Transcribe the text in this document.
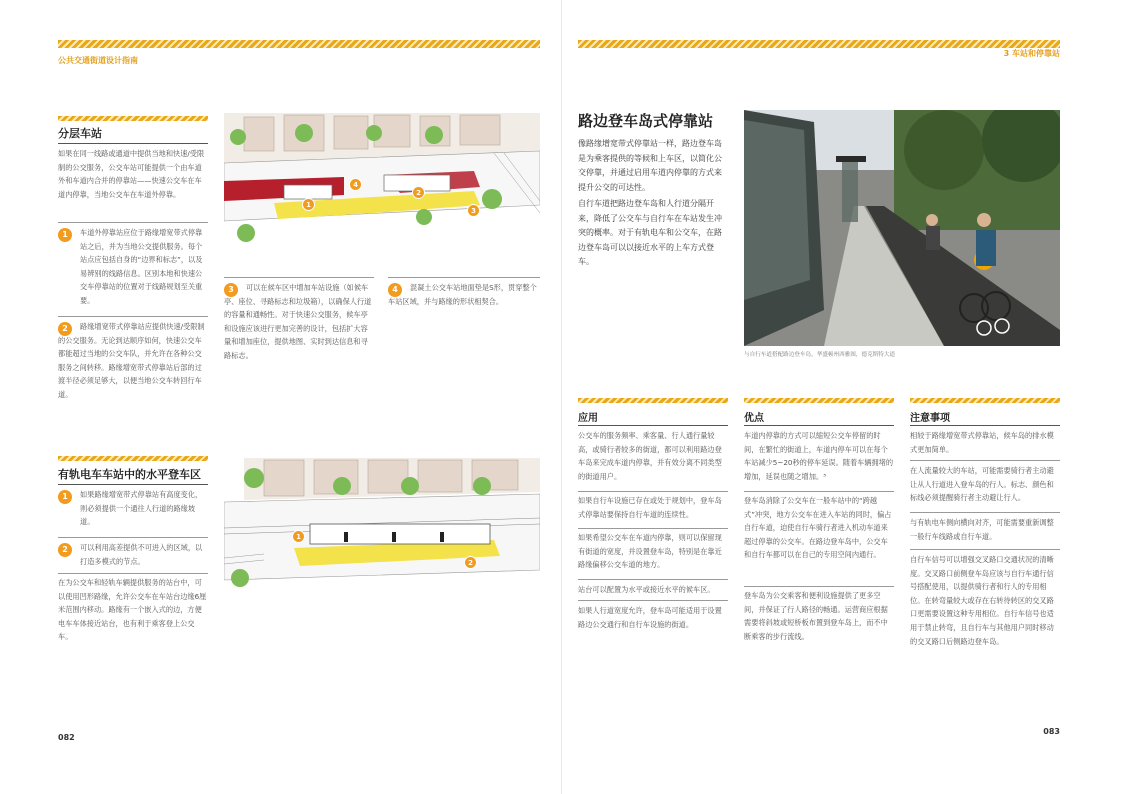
公共交通街道设计指南
分层车站
如果在同一线路或通道中提供当地和快速/受限制的公交服务，公交车站可能提供一个由车道外和车道内合并的停靠站——快速公交车在车道内停靠，当地公交车在车道外停靠。
1	车道外停靠站应位于路缘增宽带式停靠站之后，并为当地公交提供服务。每个站点应包括自身的“边界和标志”，以及易辨别的线路信息。区别本地和快速公交车停靠站的位置对于线路规划至关重要。
2	路缘增宽带式停靠站应提供快速/受限制的公交服务。无论到达顺序如何，快速公交车都能超过当地的公交车队，并允许在各种公交服务之间转移。路缘增宽带式停靠站后部的过渡半径必须足够大，以便当地公交车转回行车道。
3	可以在候车区中增加车站设施（如候车亭、座位、寻路标志和垃圾箱），以确保人行道的容量和通畅性。对于快速公交服务，候车亭和设施应该进行更加完善的设计，包括扩大容量和增加座位，提供地图、实时到达信息和寻路标志。
4	混凝土公交车站地面垫是S形，贯穿整个车站区域，并与路缘的形状相契合。
4
2
1
3
有轨电车车站中的水平登车区
1	如果路缘增宽带式停靠站有高度变化，则必须提供一个通往人行道的路缘坡道。
2	可以利用高差提供不可进入的区域，以打造多模式的节点。
在为公交车和轻轨车辆提供服务的站台中，可以使用凹形路缘，允许公交车在车站台边缘6厘米范围内移动。路缘有一个嵌入式的边，方便电车车体接近站台，也有利于乘客登上公交车。
1
2
082
3 车站和停靠站
路边登车岛式停靠站
像路缘增宽带式停靠站一样，路边登车岛是为乘客提供的等候和上车区，以简化公交停靠，并通过启用车道内停靠的方式来提升公交的可达性。
自行车道把路边登车岛和人行道分隔开来，降低了公交车与自行车在车站发生冲突的概率。对于有轨电车和公交车，在路边登车岛可以以接近水平的上车方式登车。
与自行车道搭配路边登车岛，华盛顿州西雅图，德克斯特大道
应用
公交车的服务频率、乘客量、行人通行量较高，或骑行者较多的街道，都可以利用路边登车岛来完成车道内停靠，并有效分离不同类型的街道用户。
如果自行车设施已存在或处于规划中，登车岛式停靠站要保持自行车道的连续性。
如果希望公交车在车道内停靠，则可以保留现有街道的宽度，并设置登车岛，特别是在靠近路缘偏移公交车道的地方。
站台可以配置为水平或接近水平的候车区。
如果人行道宽度允许，登车岛可能适用于设置路边公交通行和自行车设施的街道。
优点
车道内停靠的方式可以缩短公交车停留的时间，在繁忙的街道上，车道内停车可以在每个车站减少5~20秒的停车延误。随着车辆拥堵的增加，延误也随之增加。³
登车岛消除了公交车在一般车站中的“跨越式”冲突，地方公交车在进入车站的同时，偏占自行车道，迫使自行车骑行者进入机动车道来超过停靠的公交车。在路边登车岛中，公交车和自行车都可以在自己的专用空间内通行。
登车岛为公交乘客和便利设施提供了更多空间，并保证了行人路径的畅通。运营商应根据需要将斜坡或短桥板布置到登车岛上，而不中断乘客的步行流线。
注意事项
相较于路缘增宽带式停靠站，候车岛的排水模式更加简单。
在人流量较大的车站，可能需要骑行者主动避让从人行道进入登车岛的行人。标志、颜色和标线必须提醒骑行者主动避让行人。
与有轨电车侧向横向对齐，可能需要重新调整一般行车线路或自行车道。
自行车信号可以增强交叉路口交通状况的清晰度。交叉路口前侧登车岛应该与自行车通行信号搭配使用，以提供骑行者和行人的专用相位。在转弯量较大或存在右转待转区的交叉路口更需要设置这种专用相位。自行车信号也适用于禁止转弯，且自行车与其他用户同时移动的交叉路口后侧路边登车岛。
083
